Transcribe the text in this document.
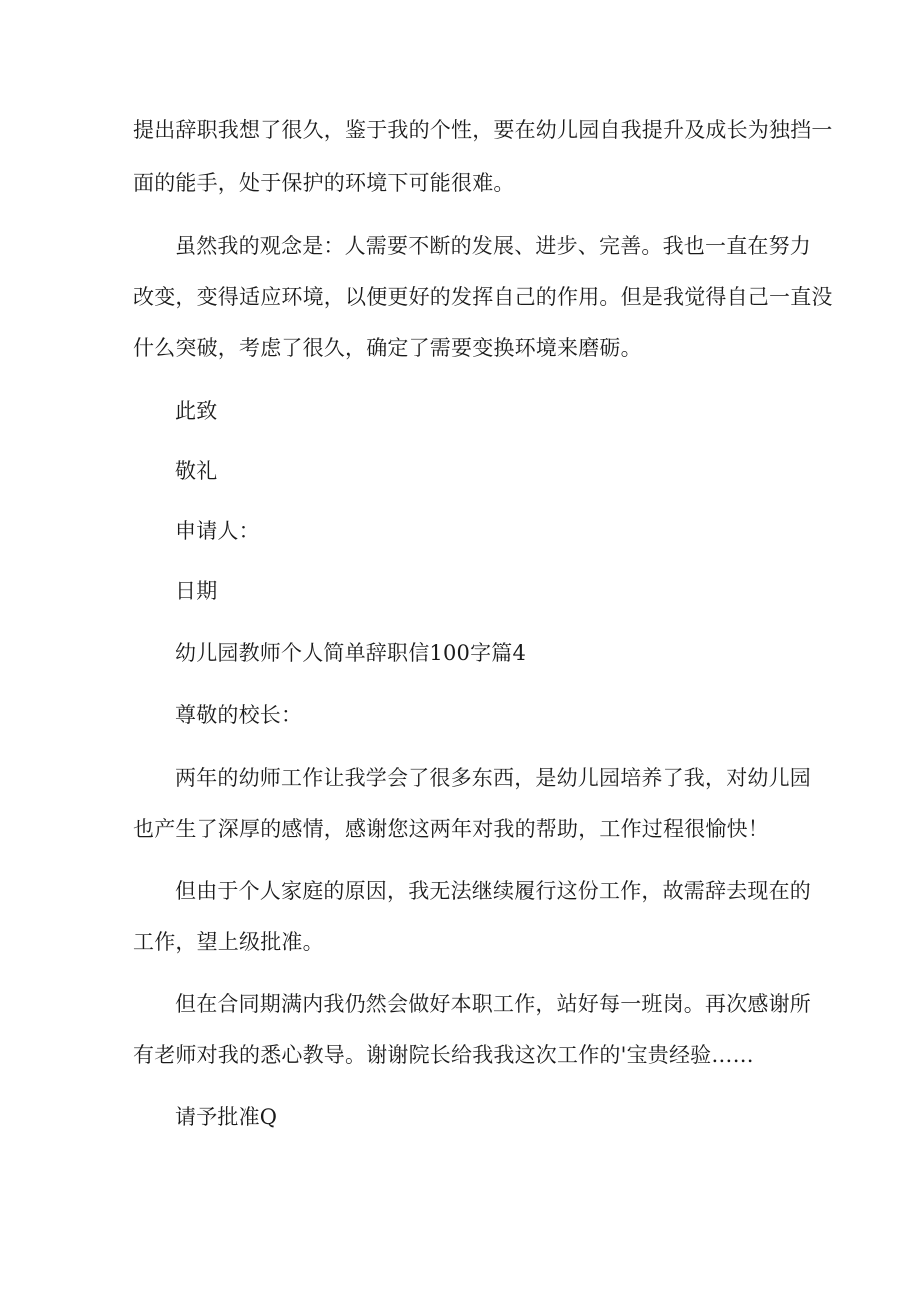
提出辞职我想了很久，鉴于我的个性，要在幼儿园自我提升及成长为独挡一
面的能手，处于保护的环境下可能很难。
虽然我的观念是：人需要不断的发展、进步、完善。我也一直在努力
改变，变得适应环境，以便更好的发挥自己的作用。但是我觉得自己一直没
什么突破，考虑了很久，确定了需要变换环境来磨砺。
此致
敬礼
申请人：
日期
幼儿园教师个人简单辞职信100字篇4
尊敬的校长：
两年的幼师工作让我学会了很多东西，是幼儿园培养了我，对幼儿园
也产生了深厚的感情，感谢您这两年对我的帮助，工作过程很愉快！
但由于个人家庭的原因，我无法继续履行这份工作，故需辞去现在的
工作，望上级批准。
但在合同期满内我仍然会做好本职工作，站好每一班岗。再次感谢所
有老师对我的悉心教导。谢谢院长给我我这次工作的'宝贵经验……
请予批准Q
